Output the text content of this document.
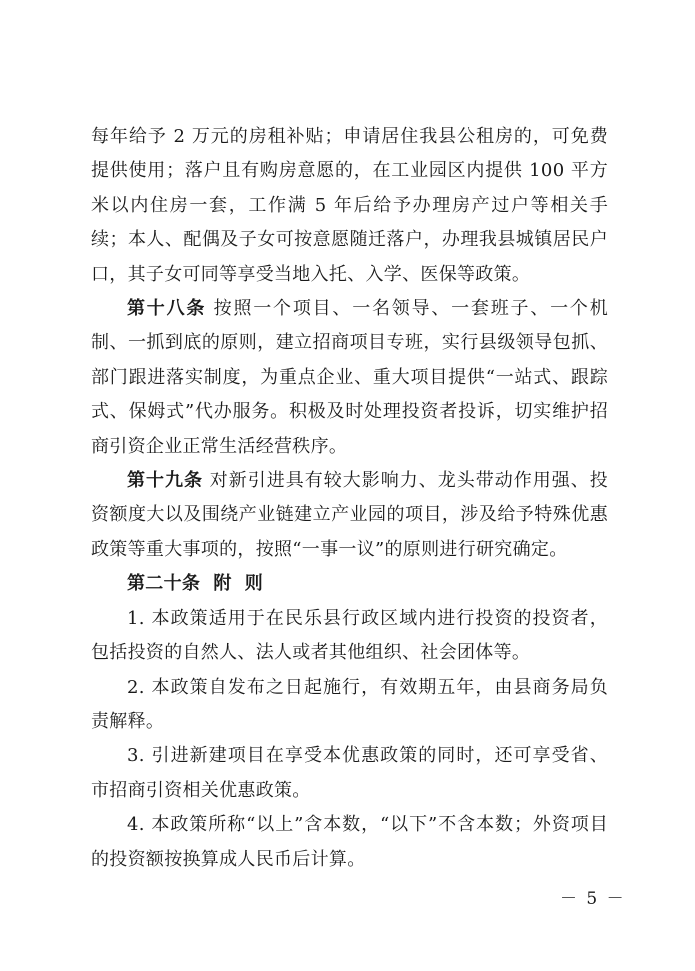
每年给予 2 万元的房租补贴；申请居住我县公租房的，可免费提供使用；落户且有购房意愿的，在工业园区内提供 100 平方米以内住房一套，工作满 5 年后给予办理房产过户等相关手续；本人、配偶及子女可按意愿随迁落户，办理我县城镇居民户口，其子女可同等享受当地入托、入学、医保等政策。

第十八条 按照一个项目、一名领导、一套班子、一个机制、一抓到底的原则，建立招商项目专班，实行县级领导包抓、部门跟进落实制度，为重点企业、重大项目提供“一站式、跟踪式、保姆式”代办服务。积极及时处理投资者投诉，切实维护招商引资企业正常生活经营秩序。

第十九条 对新引进具有较大影响力、龙头带动作用强、投资额度大以及围绕产业链建立产业园的项目，涉及给予特殊优惠政策等重大事项的，按照“一事一议”的原则进行研究确定。

第二十条  附  则

1. 本政策适用于在民乐县行政区域内进行投资的投资者，包括投资的自然人、法人或者其他组织、社会团体等。

2. 本政策自发布之日起施行，有效期五年，由县商务局负责解释。

3. 引进新建项目在享受本优惠政策的同时，还可享受省、市招商引资相关优惠政策。

4. 本政策所称“以上”含本数，“以下”不含本数；外资项目的投资额按换算成人民币后计算。

－ 5 －
